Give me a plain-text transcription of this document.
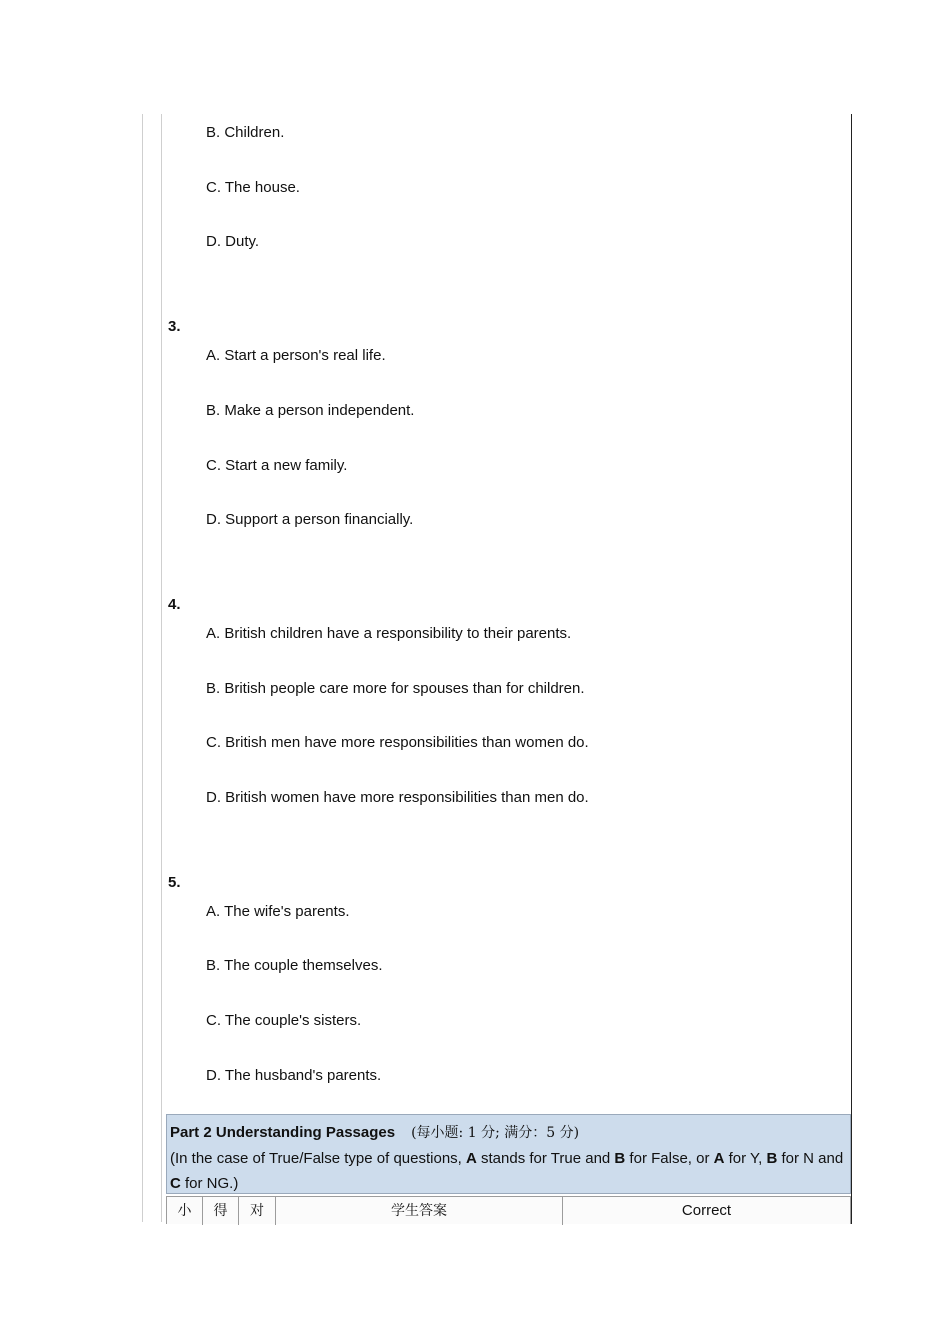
B. Children.
C. The house.
D. Duty.
3.
A. Start a person's real life.
B. Make a person independent.
C. Start a new family.
D. Support a person financially.
4.
A. British children have a responsibility to their parents.
B. British people care more for spouses than for children.
C. British men have more responsibilities than women do.
D. British women have more responsibilities than men do.
5.
A. The wife's parents.
B. The couple themselves.
C. The couple's sisters.
D. The husband's parents.
Part 2 Understanding Passages (每小题: 1 分; 满分：5 分)
(In the case of True/False type of questions, A stands for True and B for False, or A for Y, B for N and C for NG.)
小	得	对	学生答案	Correct
